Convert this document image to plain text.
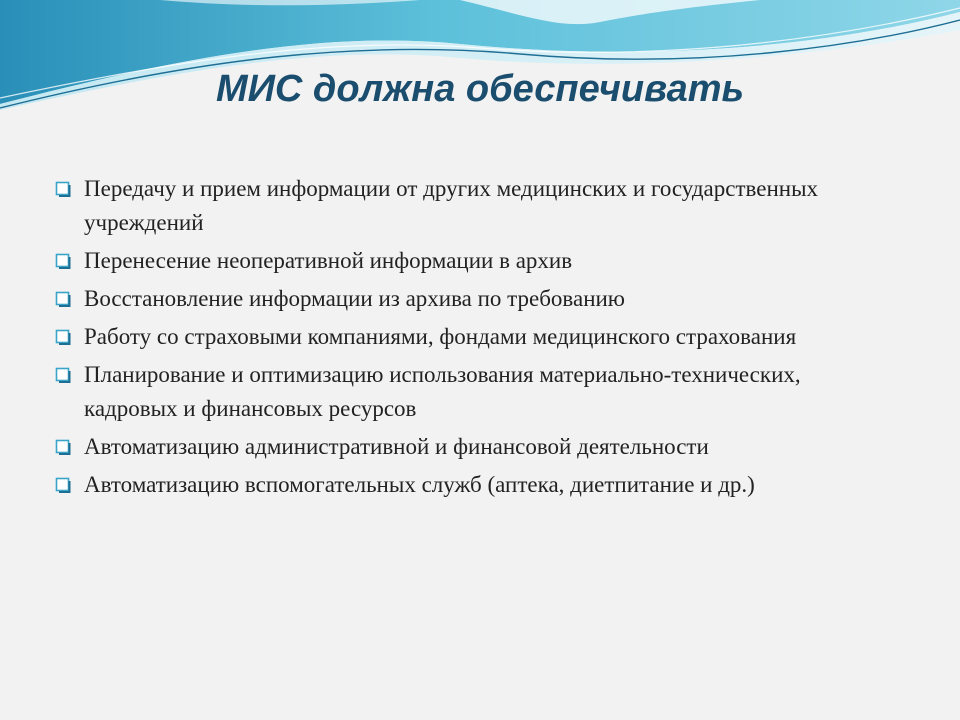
МИС должна обеспечивать
Передачу и прием информации от других медицинских и государственных учреждений
Перенесение неоперативной информации в архив
Восстановление информации из архива по требованию
Работу со страховыми компаниями, фондами медицинского страхования
Планирование и оптимизацию использования материально-технических, кадровых и финансовых ресурсов
Автоматизацию административной и финансовой деятельности
Автоматизацию вспомогательных служб (аптека, диетпитание и др.)
